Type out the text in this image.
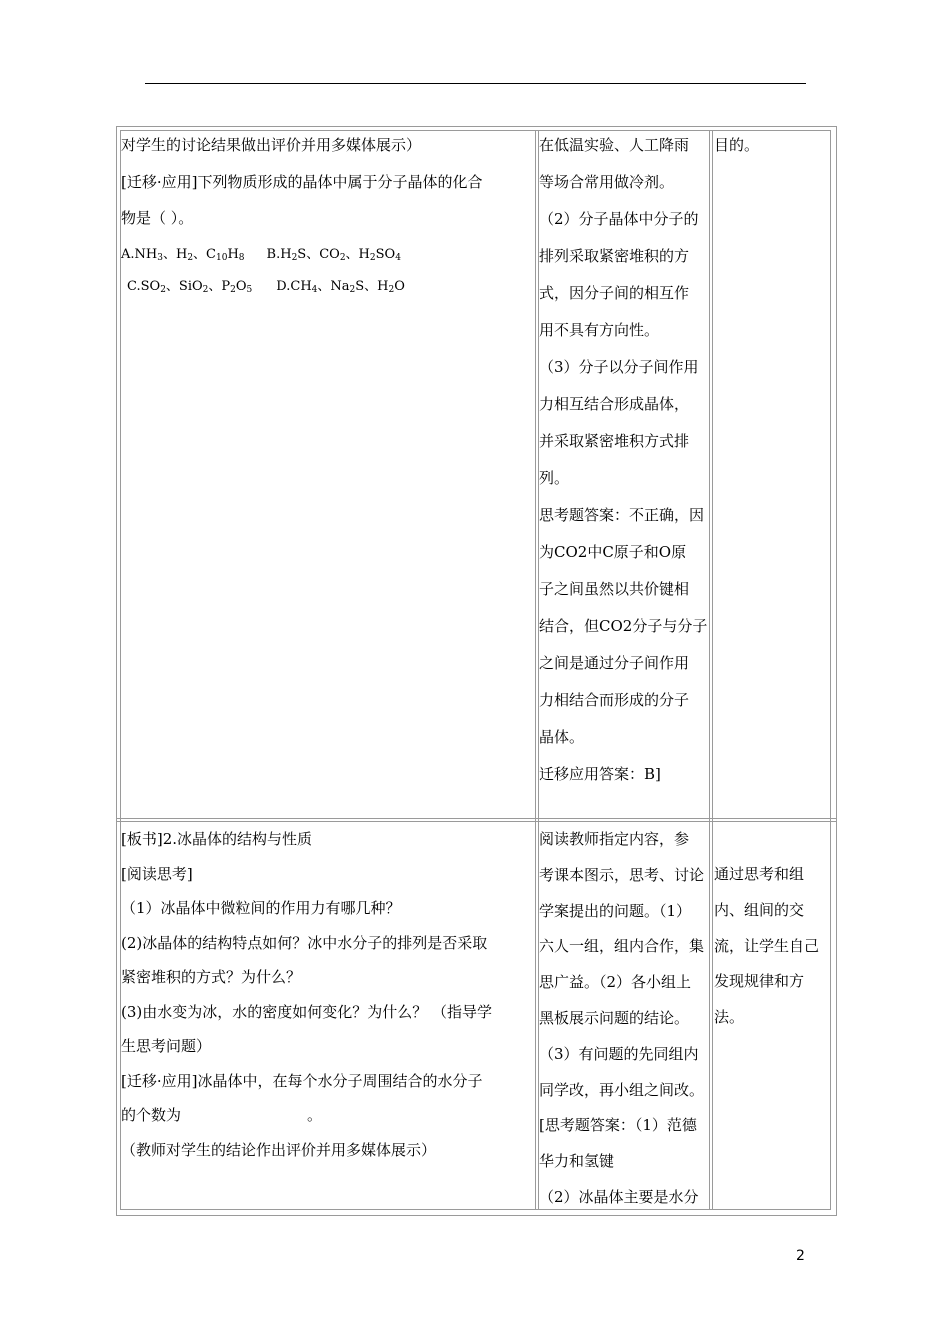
对学生的讨论结果做出评价并用多媒体展示）
[迁移·应用]下列物质形成的晶体中属于分子晶体的化合
物是（ ）。
$A.NH_3$、$H_2$、$C_{10}H_8$ $B.H_2S$、$CO_2$、$H_2SO_4$
$C.SO_2$、SiO$_2$、$P_2O_5$ $D.CH_4$、$Na_2S$、$H_2O$
在低温实验、人工降雨
等场合常用做冷剂。
（2）分子晶体中分子的
排列采取紧密堆积的方
式，因分子间的相互作
用不具有方向性。
（3）分子以分子间作用
力相互结合形成晶体，
并采取紧密堆积方式排
列。
思考题答案：不正确，因
为CO2中C原子和O原
子之间虽然以共价键相
结合，但CO2分子与分子
之间是通过分子间作用
力相结合而形成的分子
晶体。
迁移应用答案：B]
目的。
[板书]2.冰晶体的结构与性质
[阅读思考]
（1）冰晶体中微粒间的作用力有哪几种？
(2)冰晶体的结构特点如何？冰中水分子的排列是否采取
紧密堆积的方式？为什么？
(3)由水变为冰，水的密度如何变化？为什么？ （指导学
生思考问题）
[迁移·应用]冰晶体中，在每个水分子周围结合的水分子
的个数为	。
（教师对学生的结论作出评价并用多媒体展示）
阅读教师指定内容，参
考课本图示，思考、讨论
学案提出的问题。（1）
六人一组，组内合作，集
思广益。（2）各小组上
黑板展示问题的结论。
（3）有问题的先同组内
同学改，再小组之间改。
[思考题答案：（1）范德
华力和氢键
（2）冰晶体主要是水分
通过思考和组
内、组间的交
流，让学生自己
发现规律和方
法。
2
